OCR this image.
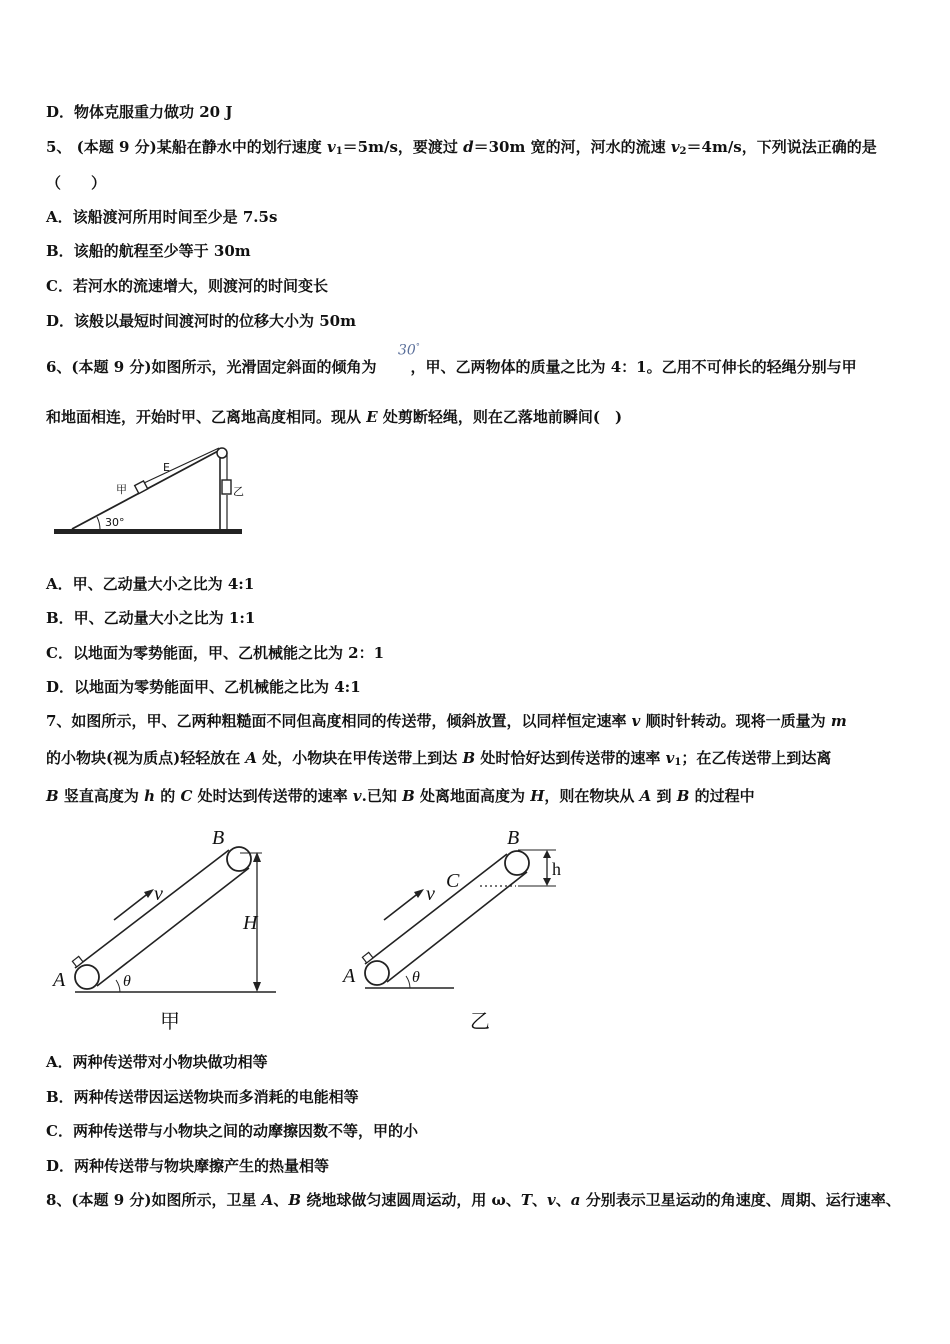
D．物体克服重力做功 20 J
5、 (本题 9 分)某船在静水中的划行速度 $v_1=5m/s$，要渡过 d＝30m 宽的河，河水的流速 $v_2=4m/s$，下列说法正确的是
（　　）
A．该船渡河所用时间至少是 7.5s
B．该船的航程至少等于 30m
C．若河水的流速增大，则渡河的时间变长
D．该般以最短时间渡河时的位移大小为 50m
6、(本题 9 分)如图所示，光滑固定斜面的倾角为 ，甲、乙两物体的质量之比为 4：1。乙用不可伸长的轻绳分别与甲
30°
和地面相连，开始时甲、乙离地高度相同。现从 E 处剪断轻绳，则在乙落地前瞬间(　)
30°
甲
E
乙
A．甲、乙动量大小之比为 4:1
B．甲、乙动量大小之比为 1:1
C．以地面为零势能面，甲、乙机械能之比为 2：1
D．以地面为零势能面甲、乙机械能之比为 4:1
7、如图所示，甲、乙两种粗糙面不同但高度相同的传送带，倾斜放置，以同样恒定速率 v 顺时针转动。现将一质量为 m
的小物块(视为质点)轻轻放在 A 处，小物块在甲传送带上到达 B 处时恰好达到传送带的速率 $v_1$；在乙传送带上到达离
B 竖直高度为 h 的 C 处时达到传送带的速率 v.已知 B 处离地面高度为 H，则在物块从 A 到 B 的过程中
A
B
v
H
θ
甲
A
B
C
v
h
θ
乙
A．两种传送带对小物块做功相等
B．两种传送带因运送物块而多消耗的电能相等
C．两种传送带与小物块之间的动摩擦因数不等，甲的小
D．两种传送带与物块摩擦产生的热量相等
8、(本题 9 分)如图所示，卫星 A、B 绕地球做匀速圆周运动，用 ω、T、v、a 分别表示卫星运动的角速度、周期、运行速率、
